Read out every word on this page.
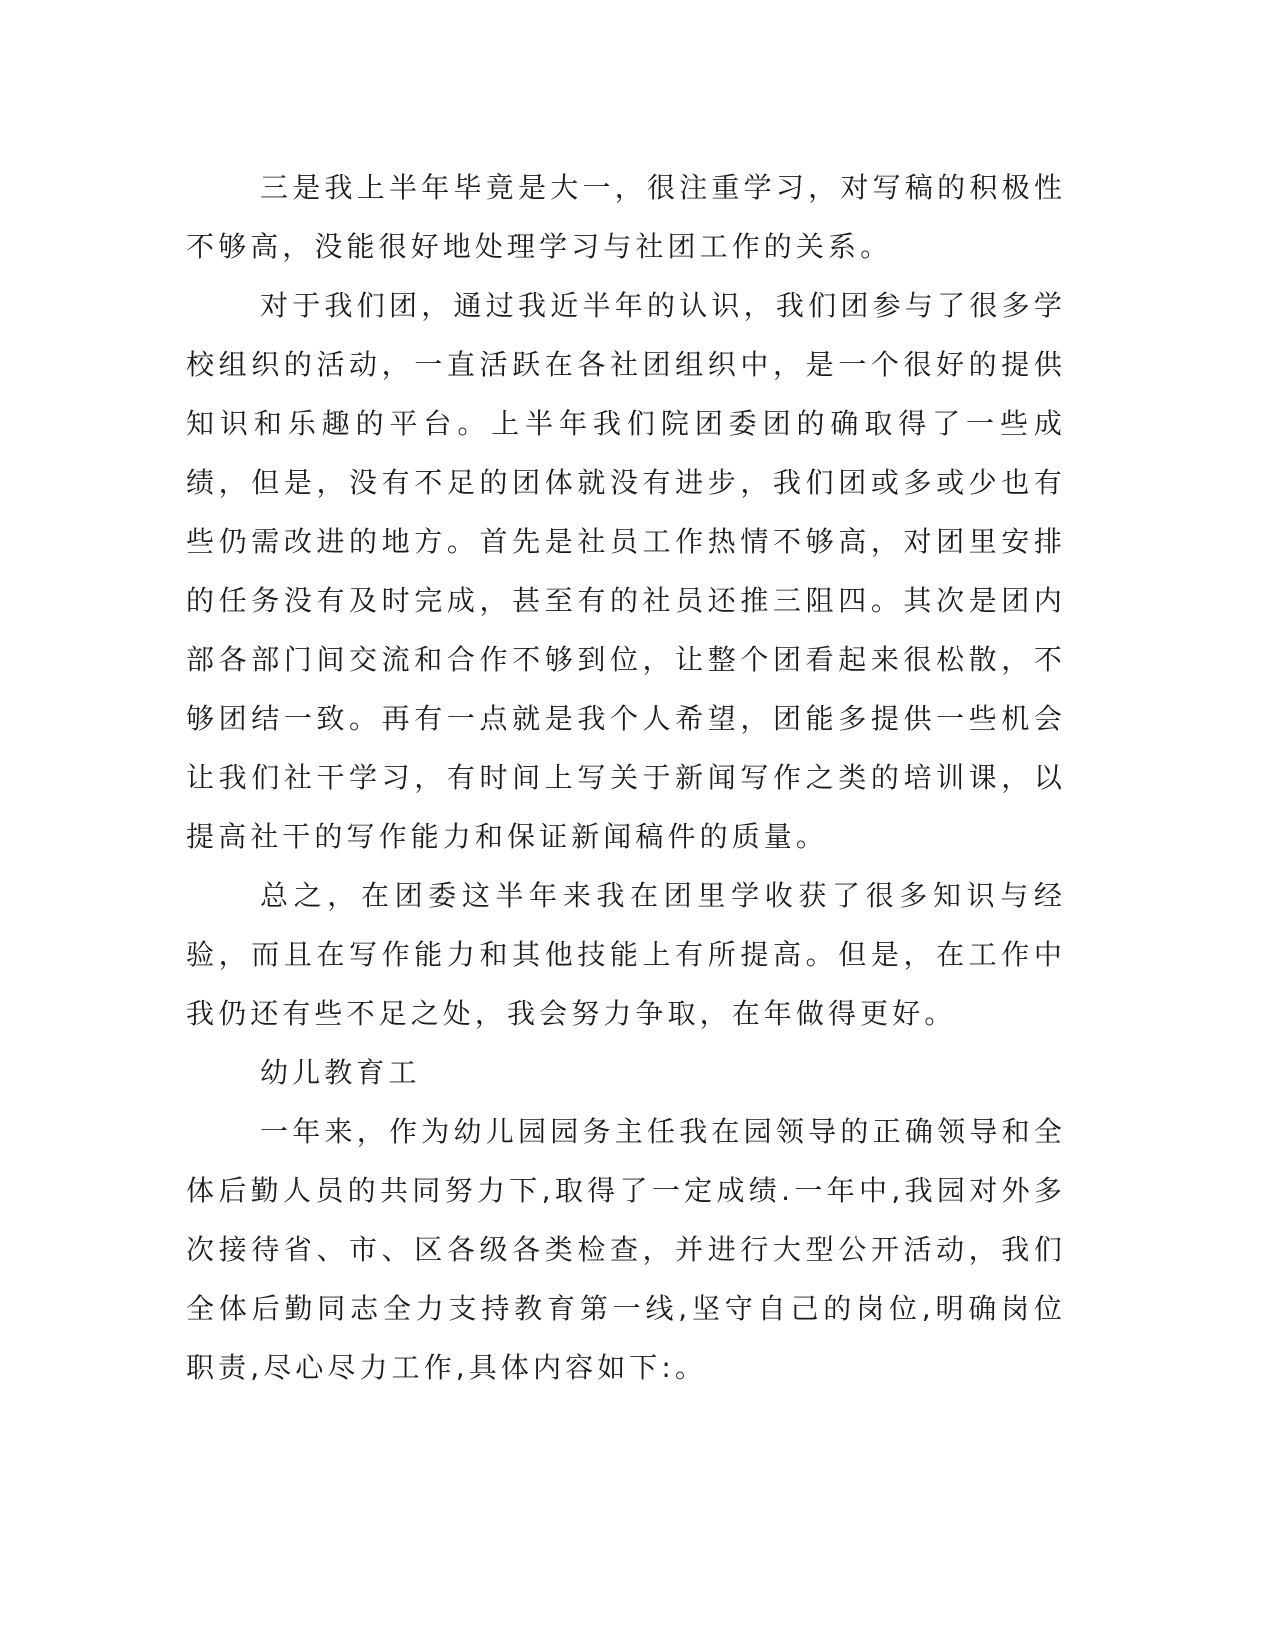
三是我上半年毕竟是大一，很注重学习，对写稿的积极性不够高，没能很好地处理学习与社团工作的关系。

对于我们团，通过我近半年的认识，我们团参与了很多学校组织的活动，一直活跃在各社团组织中，是一个很好的提供知识和乐趣的平台。上半年我们院团委团的确取得了一些成绩，但是，没有不足的团体就没有进步，我们团或多或少也有些仍需改进的地方。首先是社员工作热情不够高，对团里安排的任务没有及时完成，甚至有的社员还推三阻四。其次是团内部各部门间交流和合作不够到位，让整个团看起来很松散，不够团结一致。再有一点就是我个人希望，团能多提供一些机会让我们社干学习，有时间上写关于新闻写作之类的培训课，以提高社干的写作能力和保证新闻稿件的质量。

总之，在团委这半年来我在团里学收获了很多知识与经验，而且在写作能力和其他技能上有所提高。但是，在工作中我仍还有些不足之处，我会努力争取，在年做得更好。

幼儿教育工

一年来，作为幼儿园园务主任我在园领导的正确领导和全体后勤人员的共同努力下,取得了一定成绩.一年中,我园对外多次接待省、市、区各级各类检查，并进行大型公开活动，我们全体后勤同志全力支持教育第一线,坚守自己的岗位,明确岗位职责,尽心尽力工作,具体内容如下:。
